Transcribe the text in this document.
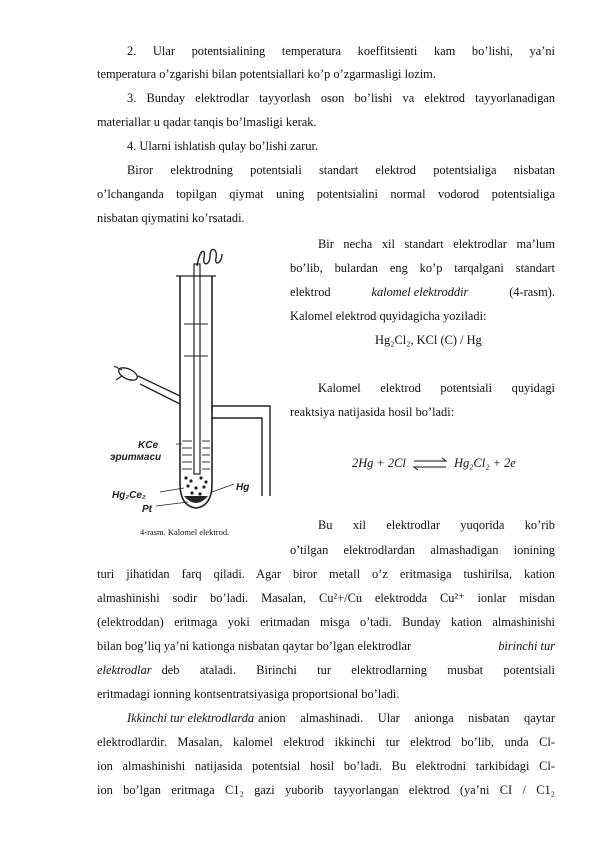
2. Ular potentsialining temperatura koeffitsienti kam bo’lishi, ya’ni
temperatura o’zgarishi bilan potentsiallari ko’p o’zgarmasligi lozim.
3. Bunday elektrodlar tayyorlash oson bo’lishi va elektrod tayyorlanadigan
materiallar u qadar tanqis bo’lmasligi kerak.
4. Ularni ishlatish qulay bo’lishi zarur.
Biror elektrodning potentsiali standart elektrod potentsialiga nisbatan
o’lchanganda topilgan qiymat uning potentsialini normal vodorod potentsialiga
nisbatan qiymatini ko’rsatadi.
KCe
эритмаси
Hg₂Ce₂
Pt
Hg
4-rasm. Kalomel elektrod.
Bir necha xil standart elektrodlar ma’lum
bo’lib, bulardan eng ko’p tarqalgani standart
elektrod	kalomel elektroddir	(4-rasm).
Kalomel elektrod quyidagicha yoziladi:
Hg₂Cl₂, KCl (C) / Hg
Kalomel elektrod potentsiali quyidagi
reaktsiya natijasida hosil bo’ladi:
2Hg + 2Cl ⇌ Hg₂Cl₂ + 2e
Bu xil elektrodlar yuqorida ko’rib
o’tilgan elektrodlardan almashadigan ionining
turi jihatidan farq qiladi. Agar biror metall o’z eritmasiga tushirilsa, kation
almashinishi sodir bo’ladi. Masalan, Cu²+/Cu elektrodda Cu²⁺ ionlar misdan
(elektroddan) eritmaga yoki eritmadan misga o’tadi. Bunday kation almashinishi
bilan bog’liq ya’ni kationga nisbatan qaytar bo’lgan elektrodlar	birinchi tur
elektrodlar deb ataladi. Birinchi tur elektrodlarning musbat potentsiali
eritmadagi ionning kontsentratsiyasiga proportsional bo’ladi.
Ikkinchi tur elektrodlarda anion almashinadi. Ular anionga nisbatan qaytar
elektrodlardir. Masalan, kalomel elektrod ikkinchi tur elektrod bo’lib, unda Cl-
ion almashinishi natijasida potentsial hosil bo’ladi. Bu elektrodni tarkibidagi Cl-
ion bo’lgan eritmaga C1₂ gazi yuborib tayyorlangan elektrod (ya’ni CI / C1₂
